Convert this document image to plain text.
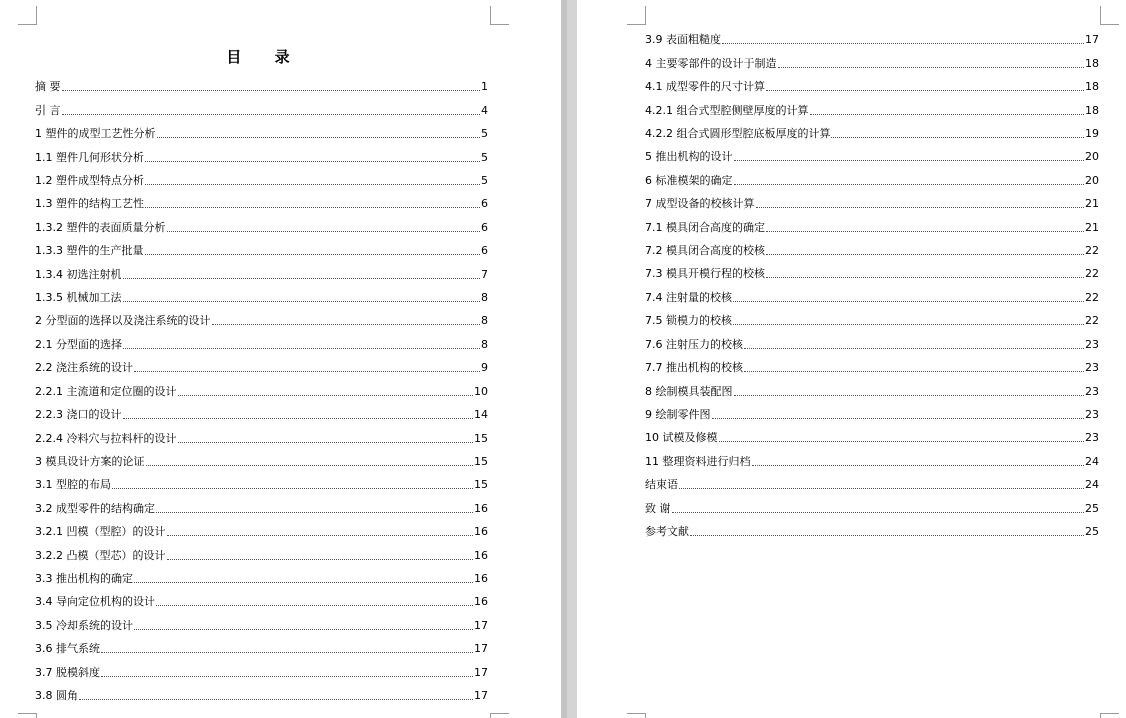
目 录
摘 要	1
引 言	4
1 塑件的成型工艺性分析	5
1.1 塑件几何形状分析	5
1.2 塑件成型特点分析	5
1.3 塑件的结构工艺性	6
1.3.2 塑件的表面质量分析	6
1.3.3 塑件的生产批量	6
1.3.4 初选注射机	7
1.3.5 机械加工法	8
2 分型面的选择以及浇注系统的设计	8
2.1 分型面的选择	8
2.2 浇注系统的设计	9
2.2.1 主流道和定位圈的设计	10
2.2.3 浇口的设计	14
2.2.4 冷料穴与拉料杆的设计	15
3 模具设计方案的论证	15
3.1 型腔的布局	15
3.2 成型零件的结构确定	16
3.2.1 凹模（型腔）的设计	16
3.2.2 凸模（型芯）的设计	16
3.3 推出机构的确定	16
3.4 导向定位机构的设计	16
3.5 冷却系统的设计	17
3.6 排气系统	17
3.7 脱模斜度	17
3.8 圆角	17
3.9 表面粗糙度	17
4 主要零部件的设计于制造	18
4.1 成型零件的尺寸计算	18
4.2.1 组合式型腔侧壁厚度的计算	18
4.2.2 组合式圆形型腔底板厚度的计算	19
5 推出机构的设计	20
6 标准模架的确定	20
7 成型设备的校核计算	21
7.1 模具闭合高度的确定	21
7.2 模具闭合高度的校核	22
7.3 模具开模行程的校核	22
7.4 注射量的校核	22
7.5 锁模力的校核	22
7.6 注射压力的校核	23
7.7 推出机构的校核	23
8 绘制模具装配图	23
9 绘制零件图	23
10 试模及修模	23
11 整理资料进行归档	24
结束语	24
致 谢	25
参考文献	25
